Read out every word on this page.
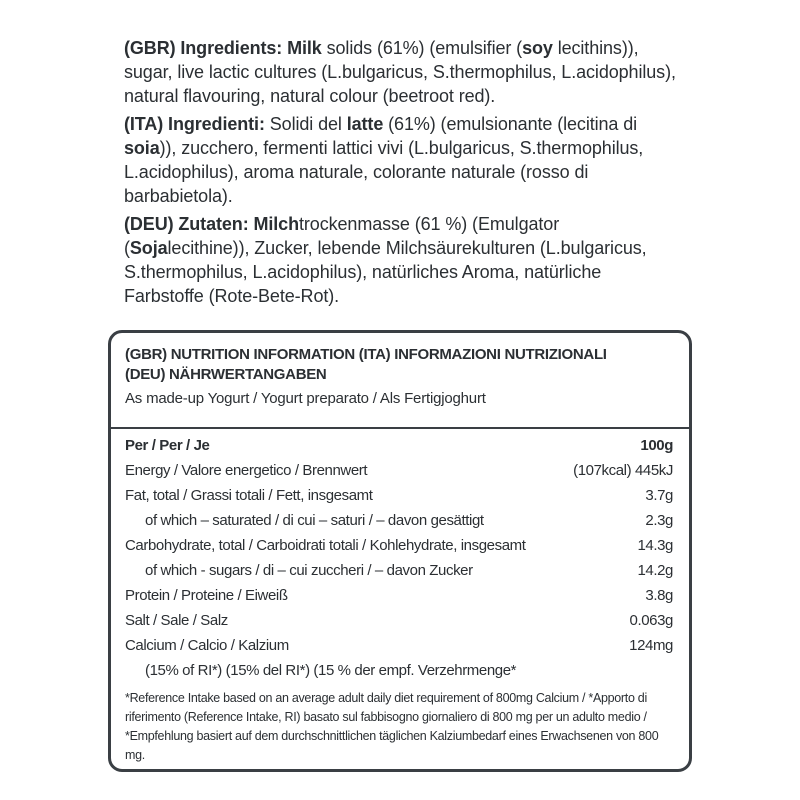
(GBR) Ingredients: Milk solids (61%) (emulsifier (soy lecithins)), sugar, live lactic cultures (L.bulgaricus, S.thermophilus, L.acidophilus), natural flavouring, natural colour (beetroot red).

(ITA) Ingredienti: Solidi del latte (61%) (emulsionante (lecitina di soia)), zucchero, fermenti lattici vivi (L.bulgaricus, S.thermophilus, L.acidophilus), aroma naturale, colorante naturale (rosso di barbabietola).

(DEU) Zutaten: Milchtrockenmasse (61 %) (Emulgator (Sojalecithine)), Zucker, lebende Milchsäurekulturen (L.bulgaricus, S.thermophilus, L.acidophilus), natürliches Aroma, natürliche Farbstoffe (Rote-Bete-Rot).

(GBR) NUTRITION INFORMATION (ITA) INFORMAZIONI NUTRIZIONALI
(DEU) NÄHRWERTANGABEN
As made-up Yogurt / Yogurt preparato / Als Fertigjoghurt
Per / Per / Je	100g
Energy / Valore energetico / Brennwert	(107kcal) 445kJ
Fat, total / Grassi totali / Fett, insgesamt	3.7g
of which – saturated / di cui – saturi / – davon gesättigt	2.3g
Carbohydrate, total / Carboidrati totali / Kohlehydrate, insgesamt	14.3g
of which - sugars / di – cui zuccheri / – davon Zucker	14.2g
Protein / Proteine / Eiweiß	3.8g
Salt / Sale / Salz	0.063g
Calcium / Calcio / Kalzium	124mg
(15% of RI*) (15% del RI*) (15 % der empf. Verzehrmenge*
*Reference Intake based on an average adult daily diet requirement of 800mg Calcium / *Apporto di riferimento (Reference Intake, RI) basato sul fabbisogno giornaliero di 800 mg per un adulto medio / *Empfehlung basiert auf dem durchschnittlichen täglichen Kalziumbedarf eines Erwachsenen von 800 mg.
